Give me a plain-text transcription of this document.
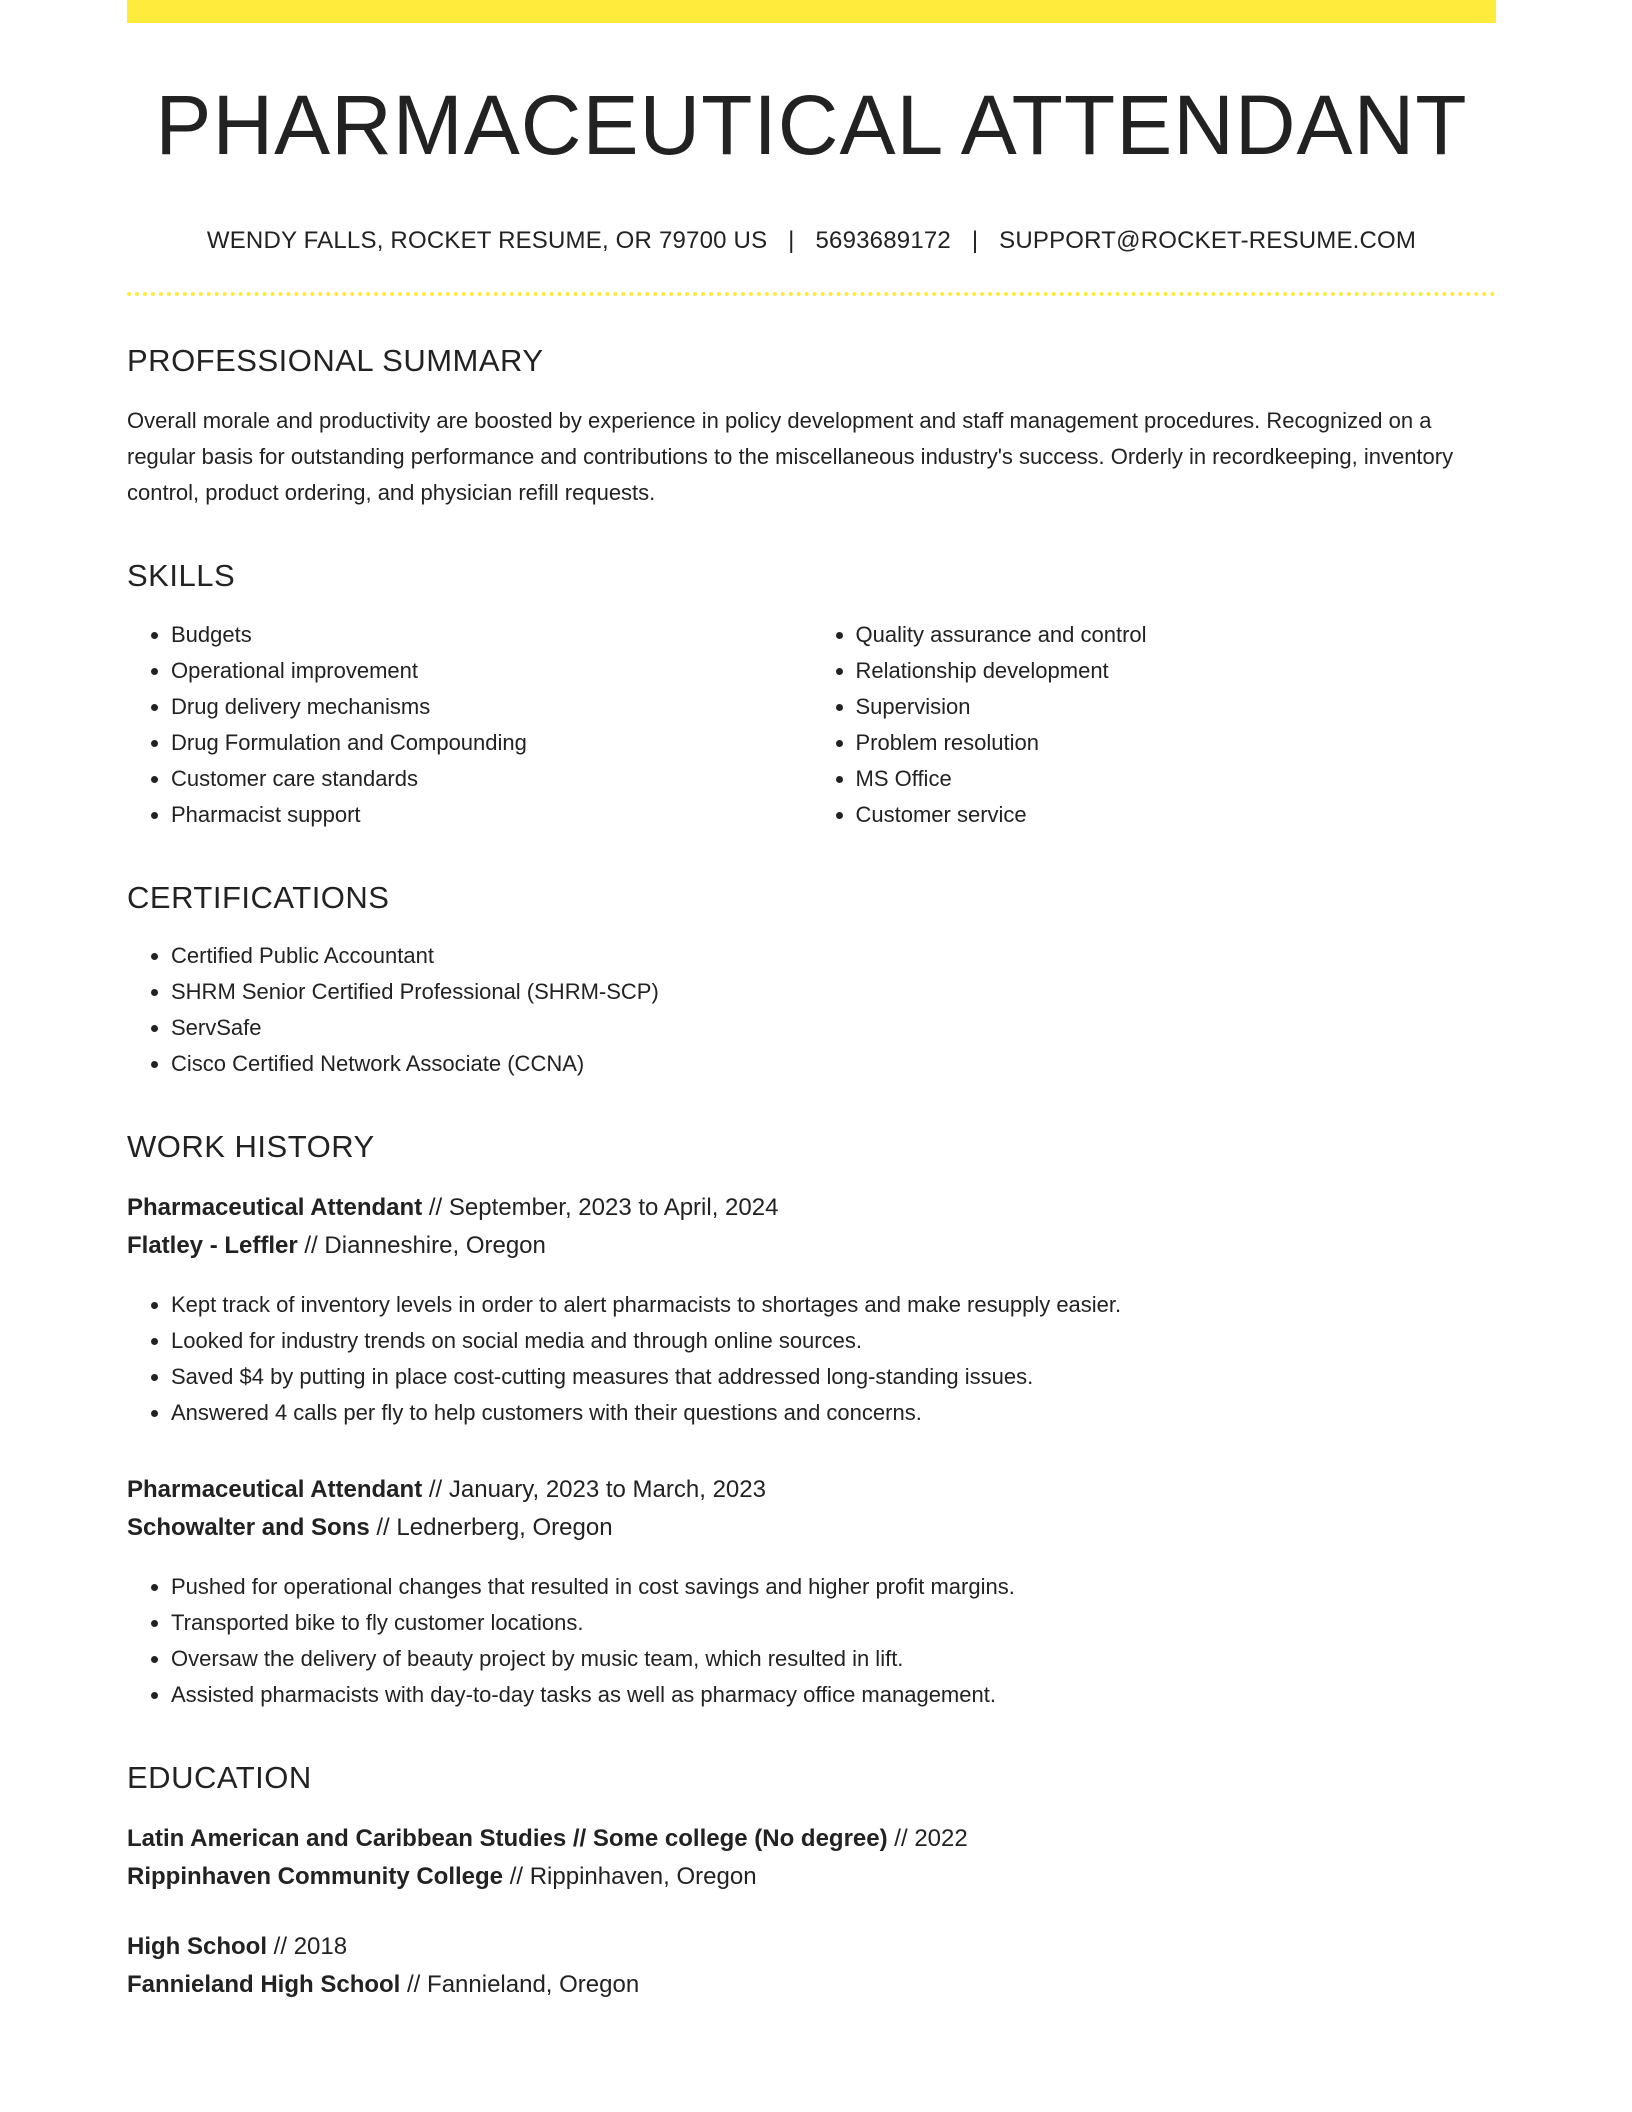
PHARMACEUTICAL ATTENDANT
WENDY FALLS, ROCKET RESUME, OR 79700 US | 5693689172 | SUPPORT@ROCKET-RESUME.COM
PROFESSIONAL SUMMARY

Overall morale and productivity are boosted by experience in policy development and staff management procedures. Recognized on a regular basis for outstanding performance and contributions to the miscellaneous industry's success. Orderly in recordkeeping, inventory control, product ordering, and physician refill requests.

SKILLS
• Budgets
• Operational improvement
• Drug delivery mechanisms
• Drug Formulation and Compounding
• Customer care standards
• Pharmacist support
• Quality assurance and control
• Relationship development
• Supervision
• Problem resolution
• MS Office
• Customer service
CERTIFICATIONS
• Certified Public Accountant
• SHRM Senior Certified Professional (SHRM-SCP)
• ServSafe
• Cisco Certified Network Associate (CCNA)
WORK HISTORY
Pharmaceutical Attendant // September, 2023 to April, 2024
Flatley - Leffler // Dianneshire, Oregon
• Kept track of inventory levels in order to alert pharmacists to shortages and make resupply easier.
• Looked for industry trends on social media and through online sources.
• Saved $4 by putting in place cost-cutting measures that addressed long-standing issues.
• Answered 4 calls per fly to help customers with their questions and concerns.
Pharmaceutical Attendant // January, 2023 to March, 2023
Schowalter and Sons // Lednerberg, Oregon
• Pushed for operational changes that resulted in cost savings and higher profit margins.
• Transported bike to fly customer locations.
• Oversaw the delivery of beauty project by music team, which resulted in lift.
• Assisted pharmacists with day-to-day tasks as well as pharmacy office management.
EDUCATION
Latin American and Caribbean Studies // Some college (No degree) // 2022
Rippinhaven Community College // Rippinhaven, Oregon
High School // 2018
Fannieland High School // Fannieland, Oregon
